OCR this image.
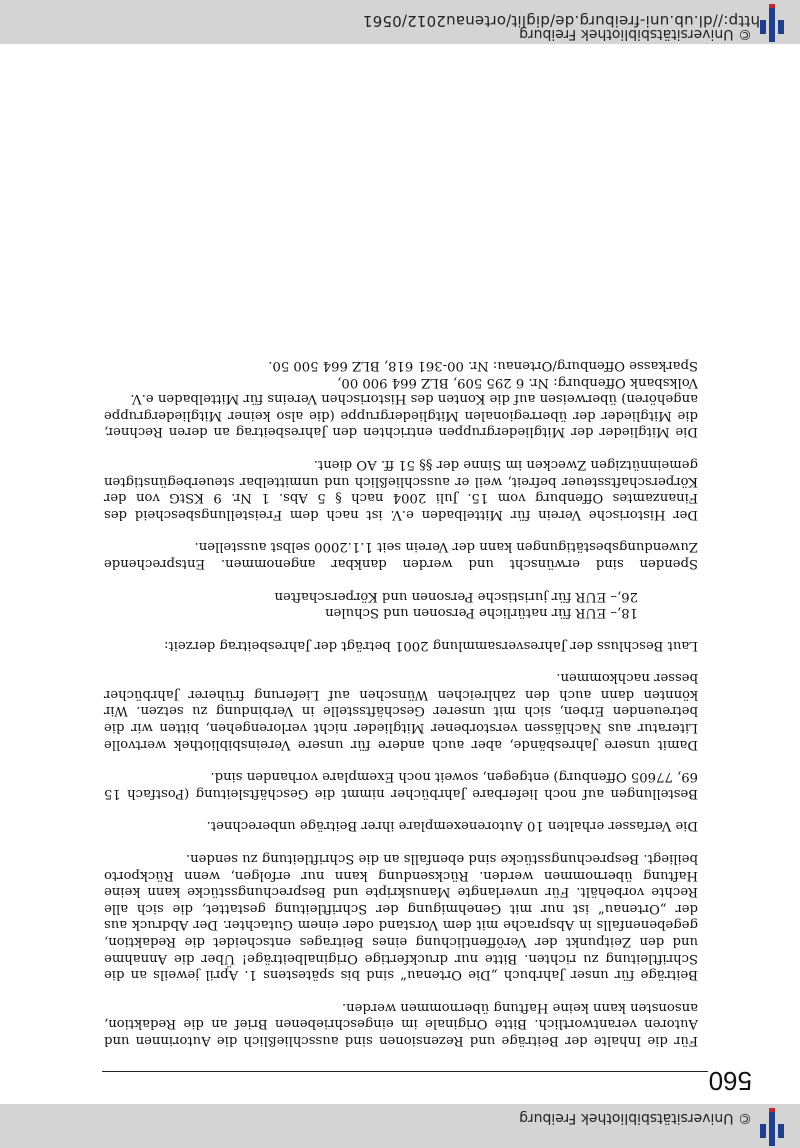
© Universitätsbibliothek Freiburg
http://dl.ub.uni-freiburg.de/diglit/ortenau2012/0561
© Universitätsbibliothek Freiburg
560

Für die Inhalte der Beiträge und Rezensionen sind ausschließlich die Autorinnen und Autoren verantwortlich. Bitte Originale im eingeschriebenen Brief an die Redaktion, ansonsten kann keine Haftung übernommen werden.

Beiträge für unser Jahrbuch „Die Ortenau“ sind bis spätestens 1. April jeweils an die Schriftleitung zu richten. Bitte nur druckfertige Originalbeiträge! Über die Annahme und den Zeitpunkt der Veröffentlichung eines Beitrages entscheidet die Redaktion, gegebenenfalls in Absprache mit dem Vorstand oder einem Gutachter. Der Abdruck aus der „Ortenau“ ist nur mit Genehmigung der Schriftleitung gestattet, die sich alle Rechte vorbehält. Für unverlangte Manuskripte und Besprechungsstücke kann keine Haftung übernommen werden. Rücksendung kann nur erfolgen, wenn Rückporto beiliegt. Besprechungsstücke sind ebenfalls an die Schriftleitung zu senden.

Die Verfasser erhalten 10 Autorenexemplare ihrer Beiträge unberechnet.

Bestellungen auf noch lieferbare Jahrbücher nimmt die Geschäftsleitung (Postfach 15 69, 77605 Offenburg) entgegen, soweit noch Exemplare vorhanden sind.

Damit unsere Jahresbände, aber auch andere für unsere Vereinsbibliothek wertvolle Literatur aus Nachlässen verstorbener Mitglieder nicht verlorengehen, bitten wir die betreuenden Erben, sich mit unserer Geschäftsstelle in Verbindung zu setzen. Wir könnten dann auch den zahlreichen Wünschen auf Lieferung früherer Jahrbücher besser nachkommen.

Laut Beschluss der Jahresversammlung 2001 beträgt der Jahresbeitrag derzeit:

18,– EUR für natürliche Personen und Schulen
26,– EUR für juristische Personen und Körperschaften

Spenden sind erwünscht und werden dankbar angenommen. Entsprechende Zuwendungsbestätigungen kann der Verein seit 1.1.2000 selbst ausstellen.

Der Historische Verein für Mittelbaden e.V. ist nach dem Freistellungsbescheid des Finanzamtes Offenburg vom 15. Juli 2004 nach § 5 Abs. 1 Nr. 9 KStG von der Körperschaftssteuer befreit, weil er ausschließlich und unmittelbar steuerbegünstigten gemeinnützigen Zwecken im Sinne der §§ 51 ff. AO dient.

Die Mitglieder der Mitgliedergruppen entrichten den Jahresbeitrag an deren Rechner, die Mitglieder der überregionalen Mitgliedergruppe (die also keiner Mitgliedergruppe angehören) überweisen auf die Konten des Historischen Vereins für Mittelbaden e.V.

Volksbank Offenburg: Nr. 6 295 509, BLZ 664 900 00,
Sparkasse Offenburg/Ortenau: Nr. 00-361 618, BLZ 664 500 50.
